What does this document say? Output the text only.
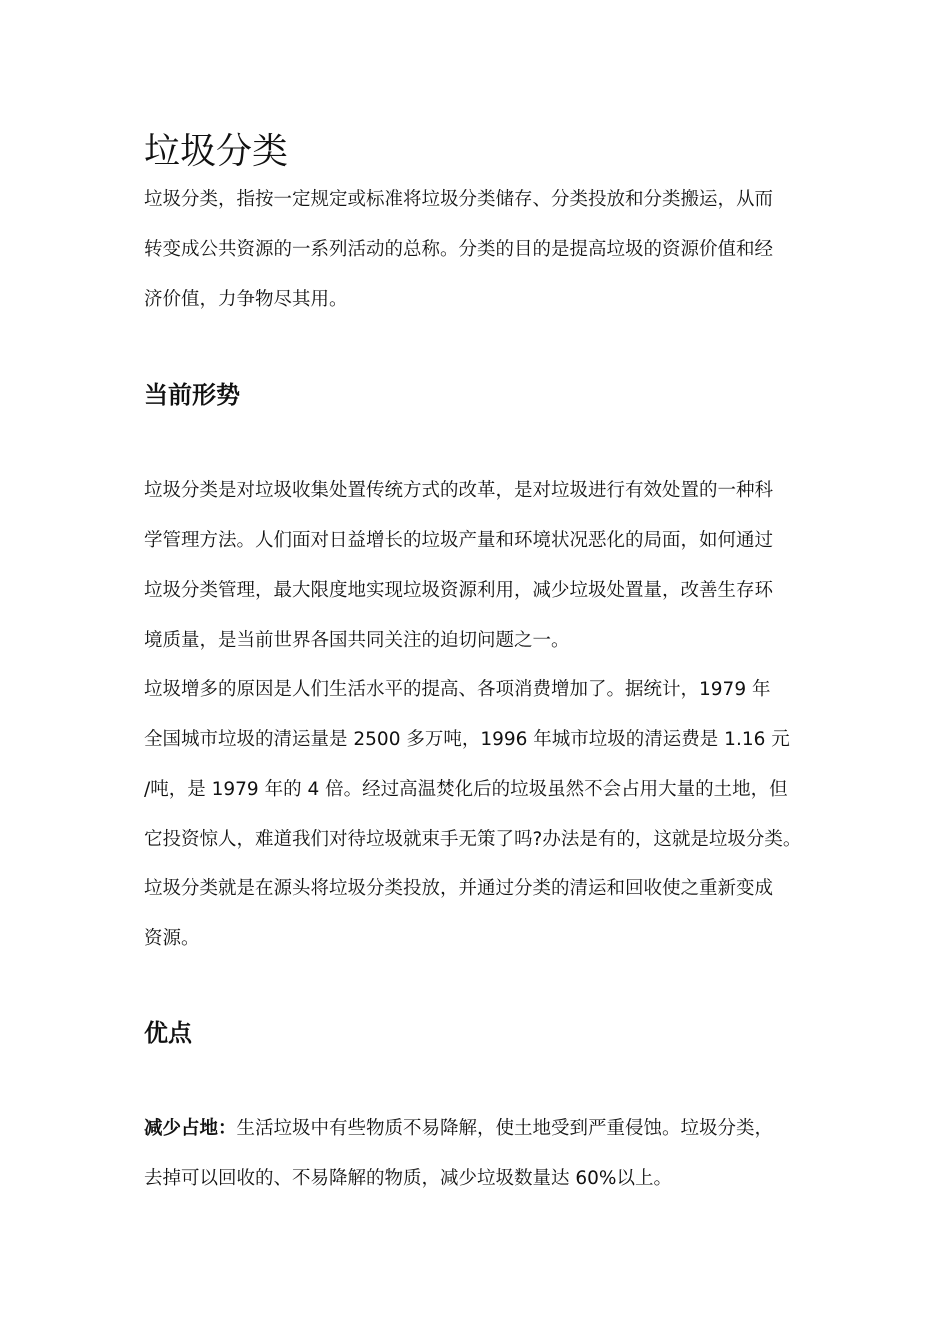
垃圾分类

垃圾分类，指按一定规定或标准将垃圾分类储存、分类投放和分类搬运，从而

转变成公共资源的一系列活动的总称。分类的目的是提高垃圾的资源价值和经

济价值，力争物尽其用。

当前形势

垃圾分类是对垃圾收集处置传统方式的改革，是对垃圾进行有效处置的一种科

学管理方法。人们面对日益增长的垃圾产量和环境状况恶化的局面，如何通过

垃圾分类管理，最大限度地实现垃圾资源利用，减少垃圾处置量，改善生存环

境质量，是当前世界各国共同关注的迫切问题之一。

垃圾增多的原因是人们生活水平的提高、各项消费增加了。据统计，1979 年

全国城市垃圾的清运量是 2500 多万吨，1996 年城市垃圾的清运费是 1.16 元

/吨，是 1979 年的 4 倍。经过高温焚化后的垃圾虽然不会占用大量的土地，但

它投资惊人，难道我们对待垃圾就束手无策了吗?办法是有的，这就是垃圾分类。

垃圾分类就是在源头将垃圾分类投放，并通过分类的清运和回收使之重新变成

资源。

优点

减少占地：生活垃圾中有些物质不易降解，使土地受到严重侵蚀。垃圾分类，

去掉可以回收的、不易降解的物质，减少垃圾数量达 60%以上。
